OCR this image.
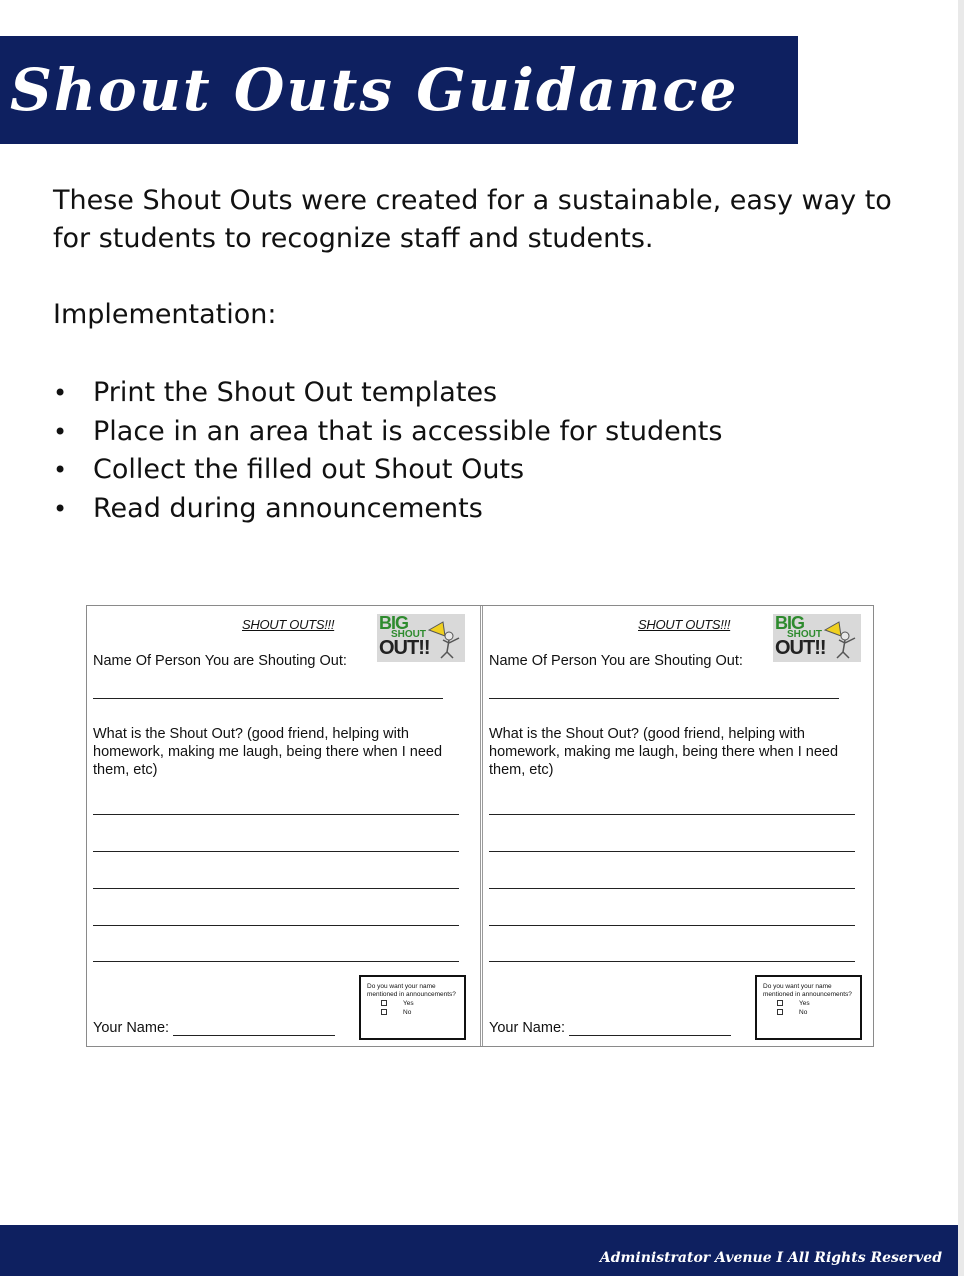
Shout Outs Guidance

These Shout Outs were created for a sustainable, easy way to for students to recognize staff and students.

Implementation:

• Print the Shout Out templates
• Place in an area that is accessible for students
• Collect the filled out Shout Outs
• Read during announcements
SHOUT OUTS!!! BIG
SHOUT
OUT!!
Name Of Person You are Shouting Out:
What is the Shout Out? (good friend, helping with homework, making me laugh, being there when I need them, etc)
Your Name:
Do you want your name mentioned in announcements?
Yes
No
SHOUT OUTS!!! BIG
SHOUT
OUT!!
Name Of Person You are Shouting Out:
What is the Shout Out? (good friend, helping with homework, making me laugh, being there when I need them, etc)
Your Name:
Do you want your name mentioned in announcements?
Yes
No
Administrator Avenue I All Rights Reserved
